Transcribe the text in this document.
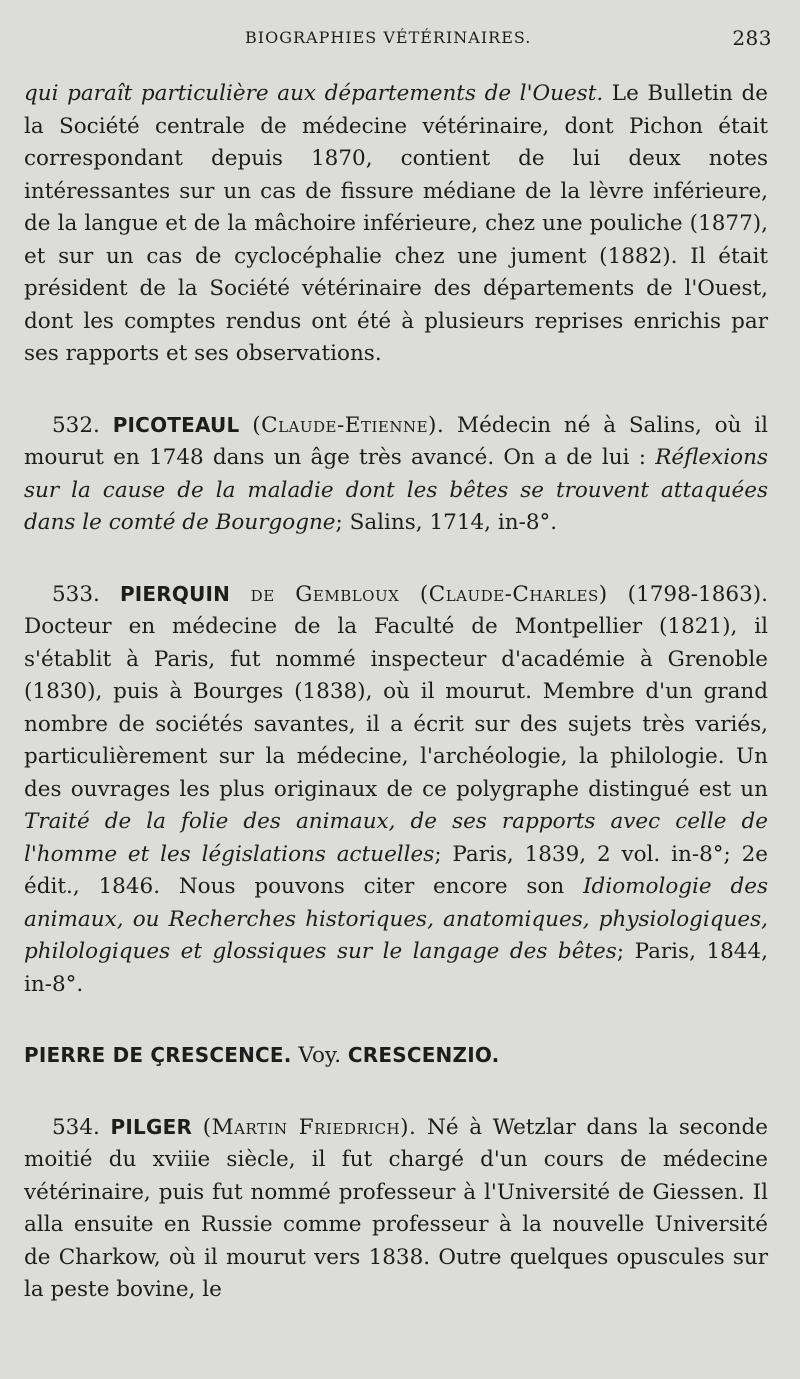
BIOGRAPHIES VÉTÉRINAIRES.	283

qui paraît particulière aux départements de l'Ouest. Le Bulletin de la Société centrale de médecine vétérinaire, dont Pichon était correspondant depuis 1870, contient de lui deux notes intéressantes sur un cas de fissure médiane de la lèvre inférieure, de la langue et de la mâchoire inférieure, chez une pouliche (1877), et sur un cas de cyclocéphalie chez une jument (1882). Il était président de la Société vétérinaire des départements de l'Ouest, dont les comptes rendus ont été à plusieurs reprises enrichis par ses rapports et ses observations.

532. PICOTEAUL (Claude-Etienne). Médecin né à Salins, où il mourut en 1748 dans un âge très avancé. On a de lui : Réflexions sur la cause de la maladie dont les bêtes se trouvent attaquées dans le comté de Bourgogne; Salins, 1714, in-8°.

533. PIERQUIN de Gembloux (Claude-Charles) (1798-1863). Docteur en médecine de la Faculté de Montpellier (1821), il s'établit à Paris, fut nommé inspecteur d'académie à Grenoble (1830), puis à Bourges (1838), où il mourut. Membre d'un grand nombre de sociétés savantes, il a écrit sur des sujets très variés, particulièrement sur la médecine, l'archéologie, la philologie. Un des ouvrages les plus originaux de ce polygraphe distingué est un Traité de la folie des animaux, de ses rapports avec celle de l'homme et les législations actuelles; Paris, 1839, 2 vol. in-8°; 2e édit., 1846. Nous pouvons citer encore son Idiomologie des animaux, ou Recherches historiques, anatomiques, physiologiques, philologiques et glossiques sur le langage des bêtes; Paris, 1844, in-8°.

PIERRE DE ÇRESCENCE. Voy. CRESCENZIO.

534. PILGER (Martin Friedrich). Né à Wetzlar dans la seconde moitié du xviiie siècle, il fut chargé d'un cours de médecine vétérinaire, puis fut nommé professeur à l'Université de Giessen. Il alla ensuite en Russie comme professeur à la nouvelle Université de Charkow, où il mourut vers 1838. Outre quelques opuscules sur la peste bovine, le
